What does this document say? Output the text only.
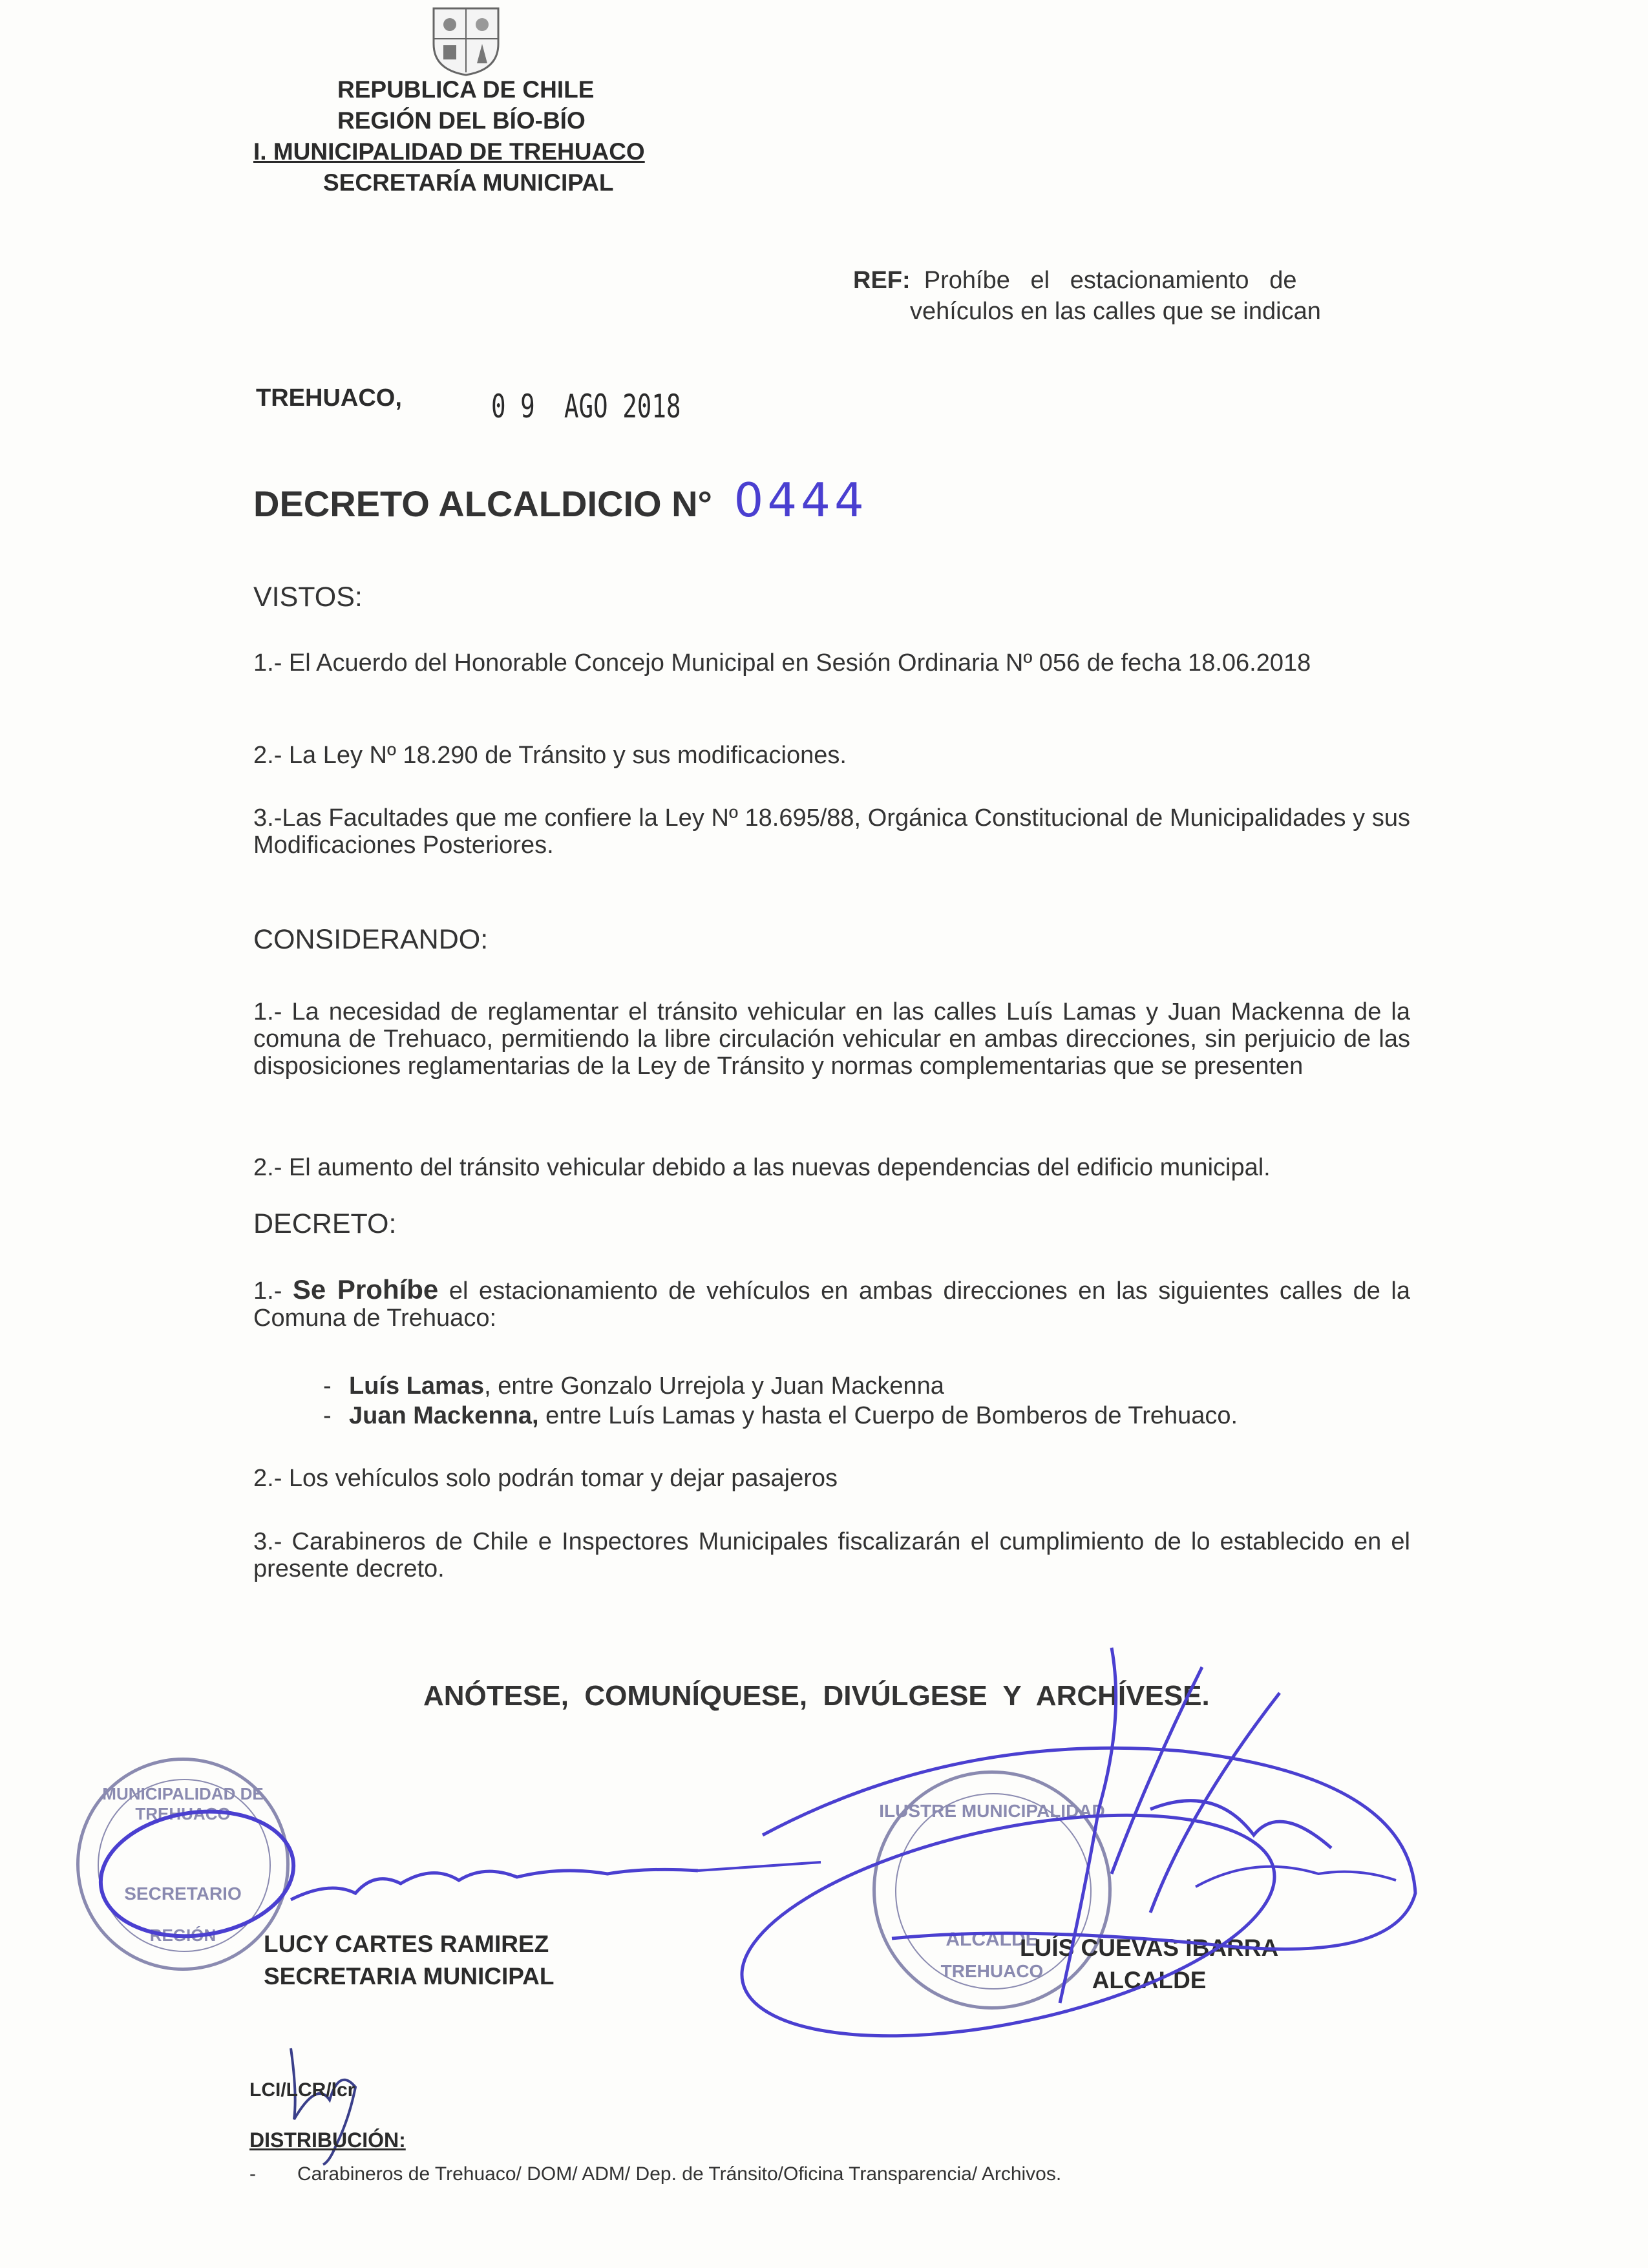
REPUBLICA DE CHILE
REGIÓN DEL BÍO-BÍO
I. MUNICIPALIDAD DE TREHUACO
SECRETARÍA MUNICIPAL
REF: Prohíbe   el   estacionamiento   de
vehículos en las calles que se indican
TREHUACO,	0 9  AGO 2018
DECRETO ALCALDICIO N° 0444
VISTOS:
1.- El Acuerdo del Honorable Concejo Municipal en Sesión Ordinaria Nº 056 de fecha 18.06.2018
2.- La Ley Nº 18.290 de Tránsito y sus modificaciones.
3.-Las Facultades que me confiere la Ley Nº 18.695/88, Orgánica Constitucional de Municipalidades y sus Modificaciones Posteriores.
CONSIDERANDO:
1.- La necesidad de reglamentar el tránsito vehicular en las calles Luís Lamas y Juan Mackenna de la comuna de Trehuaco, permitiendo la libre circulación vehicular en ambas direcciones, sin perjuicio de las disposiciones reglamentarias de la Ley de Tránsito y normas complementarias que se presenten
2.- El aumento del tránsito vehicular debido a las nuevas dependencias del edificio municipal.
DECRETO:
1.- Se Prohíbe el estacionamiento de vehículos en ambas direcciones en las siguientes calles de la Comuna de Trehuaco:
- Luís Lamas, entre Gonzalo Urrejola y Juan Mackenna
- Juan Mackenna, entre Luís Lamas y hasta el Cuerpo de Bomberos de Trehuaco.
2.- Los vehículos solo podrán tomar y dejar pasajeros
3.- Carabineros de Chile e Inspectores Municipales fiscalizarán el cumplimiento de lo establecido en el presente decreto.
ANÓTESE,  COMUNÍQUESE,  DIVÚLGESE  Y  ARCHÍVESE.
MUNICIPALIDAD DE TREHUACO
SECRETARIO
REGIÓN
ILUSTRE MUNICIPALIDAD
ALCALDE
TREHUACO
LUCY CARTES RAMIREZ
SECRETARIA MUNICIPAL
LUÍS CUEVAS IBARRA
ALCALDE
LCI/LCR/lcr
DISTRIBUCIÓN:
- Carabineros de Trehuaco/ DOM/ ADM/ Dep. de Tránsito/Oficina Transparencia/ Archivos.
